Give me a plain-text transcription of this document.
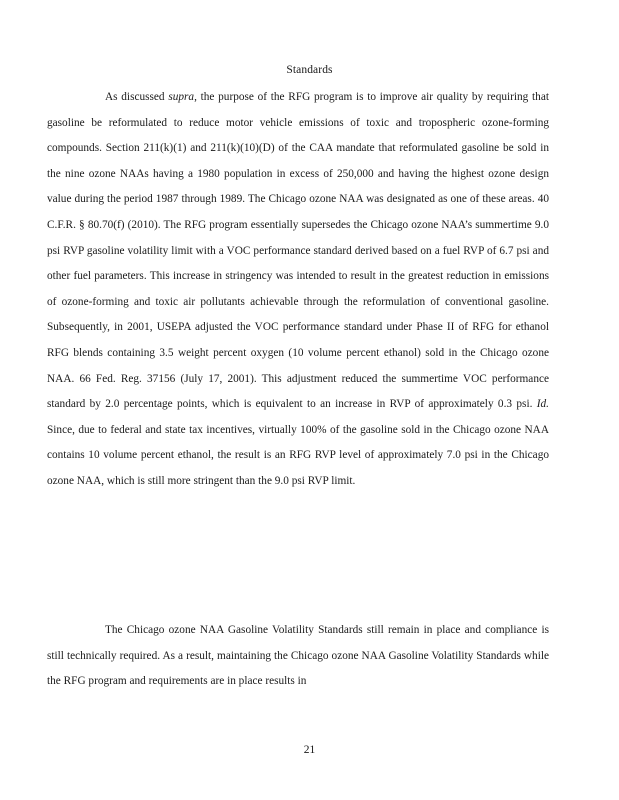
Standards

As discussed supra, the purpose of the RFG program is to improve air quality by requiring that gasoline be reformulated to reduce motor vehicle emissions of toxic and tropospheric ozone-forming compounds. Section 211(k)(1) and 211(k)(10)(D) of the CAA mandate that reformulated gasoline be sold in the nine ozone NAAs having a 1980 population in excess of 250,000 and having the highest ozone design value during the period 1987 through 1989. The Chicago ozone NAA was designated as one of these areas. 40 C.F.R. § 80.70(f) (2010). The RFG program essentially supersedes the Chicago ozone NAA’s summertime 9.0 psi RVP gasoline volatility limit with a VOC performance standard derived based on a fuel RVP of 6.7 psi and other fuel parameters. This increase in stringency was intended to result in the greatest reduction in emissions of ozone-forming and toxic air pollutants achievable through the reformulation of conventional gasoline. Subsequently, in 2001, USEPA adjusted the VOC performance standard under Phase II of RFG for ethanol RFG blends containing 3.5 weight percent oxygen (10 volume percent ethanol) sold in the Chicago ozone NAA. 66 Fed. Reg. 37156 (July 17, 2001). This adjustment reduced the summertime VOC performance standard by 2.0 percentage points, which is equivalent to an increase in RVP of approximately 0.3 psi. Id. Since, due to federal and state tax incentives, virtually 100% of the gasoline sold in the Chicago ozone NAA contains 10 volume percent ethanol, the result is an RFG RVP level of approximately 7.0 psi in the Chicago ozone NAA, which is still more stringent than the 9.0 psi RVP limit.

The Chicago ozone NAA Gasoline Volatility Standards still remain in place and compliance is still technically required. As a result, maintaining the Chicago ozone NAA Gasoline Volatility Standards while the RFG program and requirements are in place results in

21
